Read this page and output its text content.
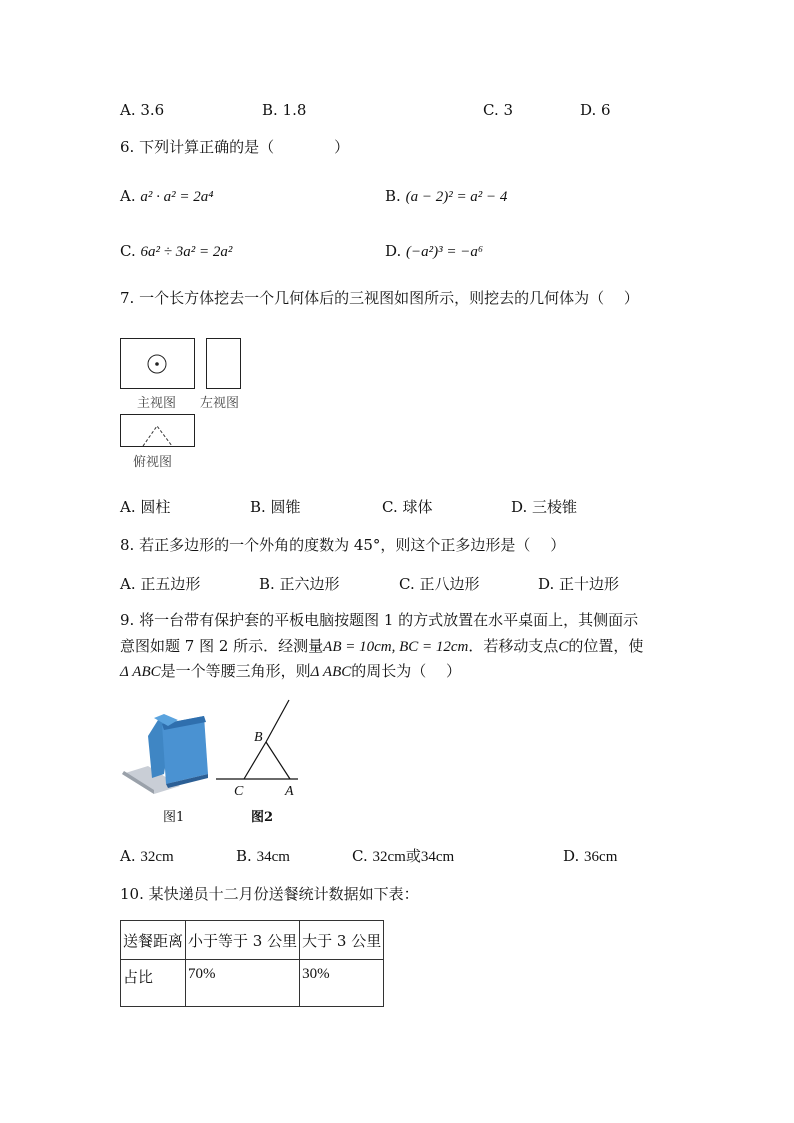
A. 3.6	B. 1.8	C. 3	D. 6
6. 下列计算正确的是（　　　　）
A. a² · a² = 2a⁴	B. (a − 2)² = a² − 4
C. 6a² ÷ 3a² = 2a²	D. (−a²)³ = −a⁶
7. 一个长方体挖去一个几何体后的三视图如图所示，则挖去的几何体为（　 ）
主视图 左视图
俯视图
A. 圆柱	B. 圆锥	C. 球体	D. 三棱锥
8. 若正多边形的一个外角的度数为 45°，则这个正多边形是（　 ）
A. 正五边形	B. 正六边形	C. 正八边形	D. 正十边形
9. 将一台带有保护套的平板电脑按题图 1 的方式放置在水平桌面上，其侧面示
意图如题 7 图 2 所示．经测量AB = 10cm, BC = 12cm．若移动支点C的位置，使
Δ ABC是一个等腰三角形，则Δ ABC的周长为（　 ）
图1
B
C	A
图2
A. 32cm	B. 34cm	C. 32cm或34cm	D. 36cm
10. 某快递员十二月份送餐统计数据如下表：
送餐距离	小于等于 3 公里	大于 3 公里
占比	70%	30%
